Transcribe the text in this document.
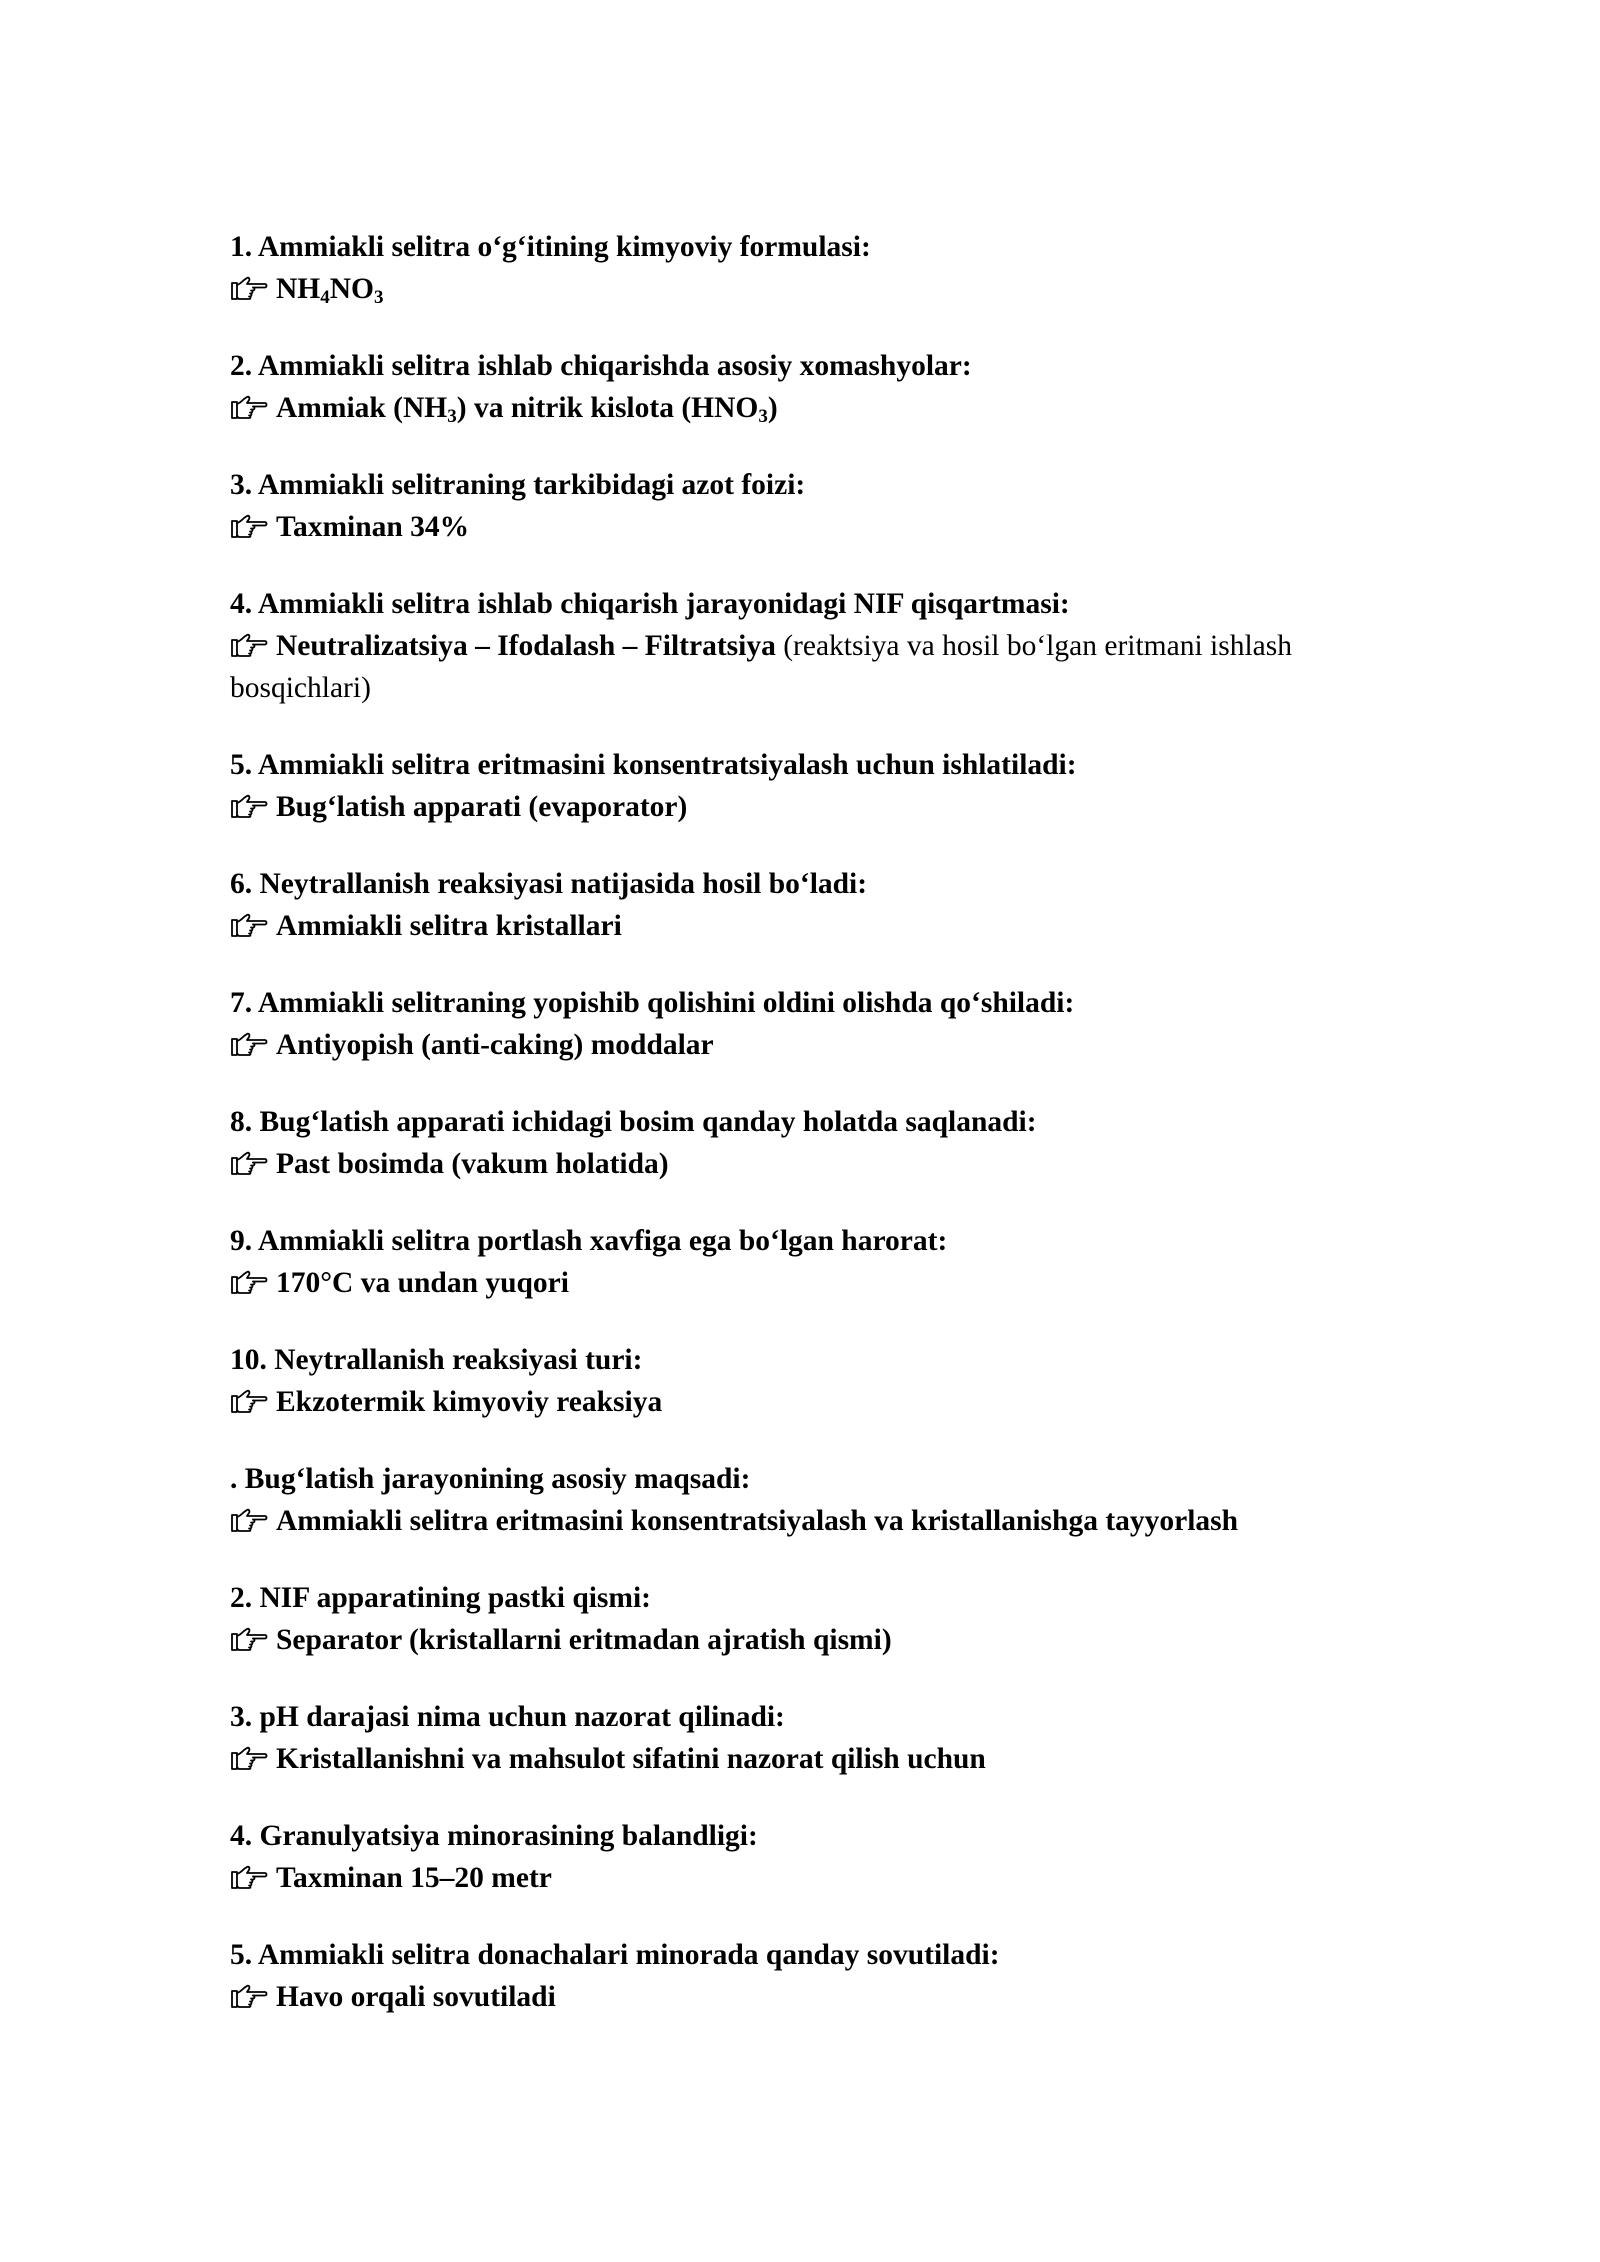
1. Ammiakli selitra o‘g‘itining kimyoviy formulasi:
$NH_4NO_3$
2. Ammiakli selitra ishlab chiqarishda asosiy xomashyolar:
Ammiak $(NH_3)$ va nitrik kislota $(HNO_3)$
3. Ammiakli selitraning tarkibidagi azot foizi:
Taxminan 34%
4. Ammiakli selitra ishlab chiqarish jarayonidagi NIF qisqartmasi:
Neutralizatsiya – Ifodalash – Filtratsiya (reaktsiya va hosil bo‘lgan eritmani ishlash bosqichlari)
5. Ammiakli selitra eritmasini konsentratsiyalash uchun ishlatiladi:
Bug‘latish apparati (evaporator)
6. Neytrallanish reaksiyasi natijasida hosil bo‘ladi:
Ammiakli selitra kristallari
7. Ammiakli selitraning yopishib qolishini oldini olishda qo‘shiladi:
Antiyopish (anti-caking) moddalar
8. Bug‘latish apparati ichidagi bosim qanday holatda saqlanadi:
Past bosimda (vakum holatida)
9. Ammiakli selitra portlash xavfiga ega bo‘lgan harorat:
170°C va undan yuqori
10. Neytrallanish reaksiyasi turi:
Ekzotermik kimyoviy reaksiya
. Bug‘latish jarayonining asosiy maqsadi:
Ammiakli selitra eritmasini konsentratsiyalash va kristallanishga tayyorlash
2. NIF apparatining pastki qismi:
Separator (kristallarni eritmadan ajratish qismi)
3. pH darajasi nima uchun nazorat qilinadi:
Kristallanishni va mahsulot sifatini nazorat qilish uchun
4. Granulyatsiya minorasining balandligi:
Taxminan 15–20 metr
5. Ammiakli selitra donachalari minorada qanday sovutiladi:
Havo orqali sovutiladi
